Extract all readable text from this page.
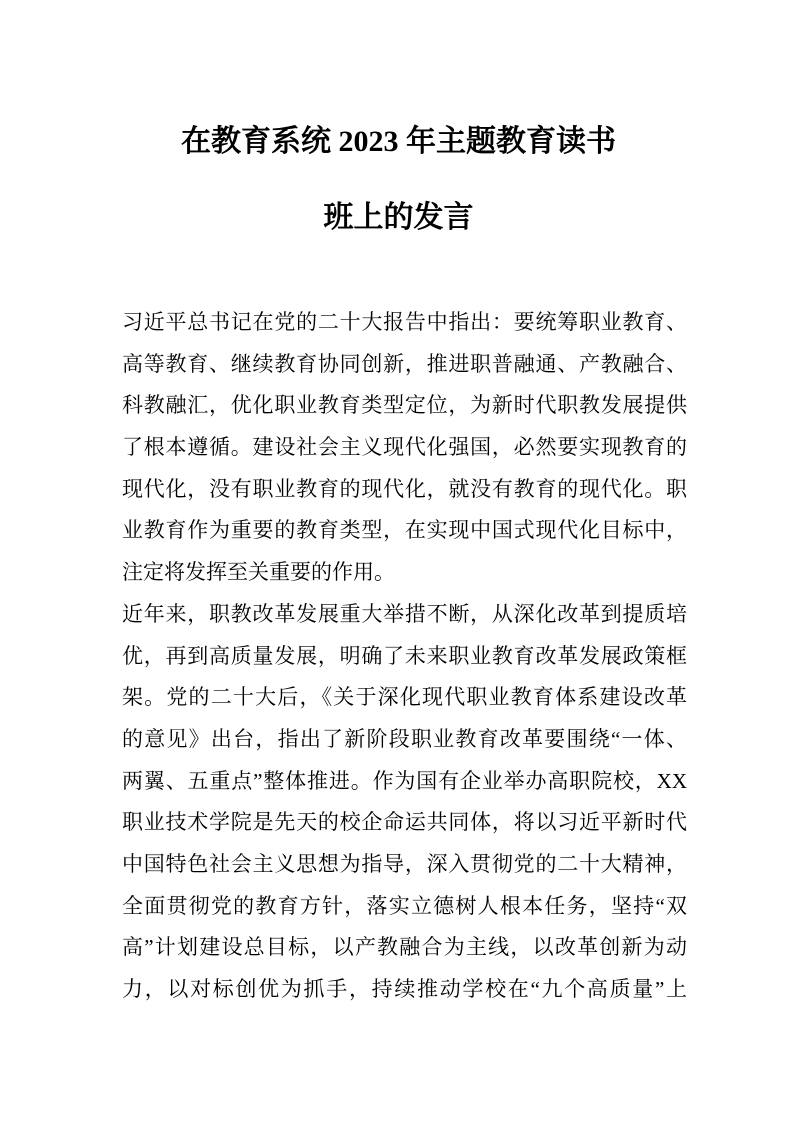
在教育系统 2023 年主题教育读书
班上的发言
习近平总书记在党的二十大报告中指出：要统筹职业教育、
高等教育、继续教育协同创新，推进职普融通、产教融合、
科教融汇，优化职业教育类型定位，为新时代职教发展提供
了根本遵循。建设社会主义现代化强国，必然要实现教育的
现代化，没有职业教育的现代化，就没有教育的现代化。职
业教育作为重要的教育类型，在实现中国式现代化目标中，
注定将发挥至关重要的作用。
近年来，职教改革发展重大举措不断，从深化改革到提质培
优，再到高质量发展，明确了未来职业教育改革发展政策框
架。党的二十大后，《关于深化现代职业教育体系建设改革
的意见》出台，指出了新阶段职业教育改革要围绕“一体、
两翼、五重点”整体推进。作为国有企业举办高职院校，XX
职业技术学院是先天的校企命运共同体，将以习近平新时代
中国特色社会主义思想为指导，深入贯彻党的二十大精神，
全面贯彻党的教育方针，落实立德树人根本任务，坚持“双
高”计划建设总目标，以产教融合为主线，以改革创新为动
力，以对标创优为抓手，持续推动学校在“九个高质量”上
